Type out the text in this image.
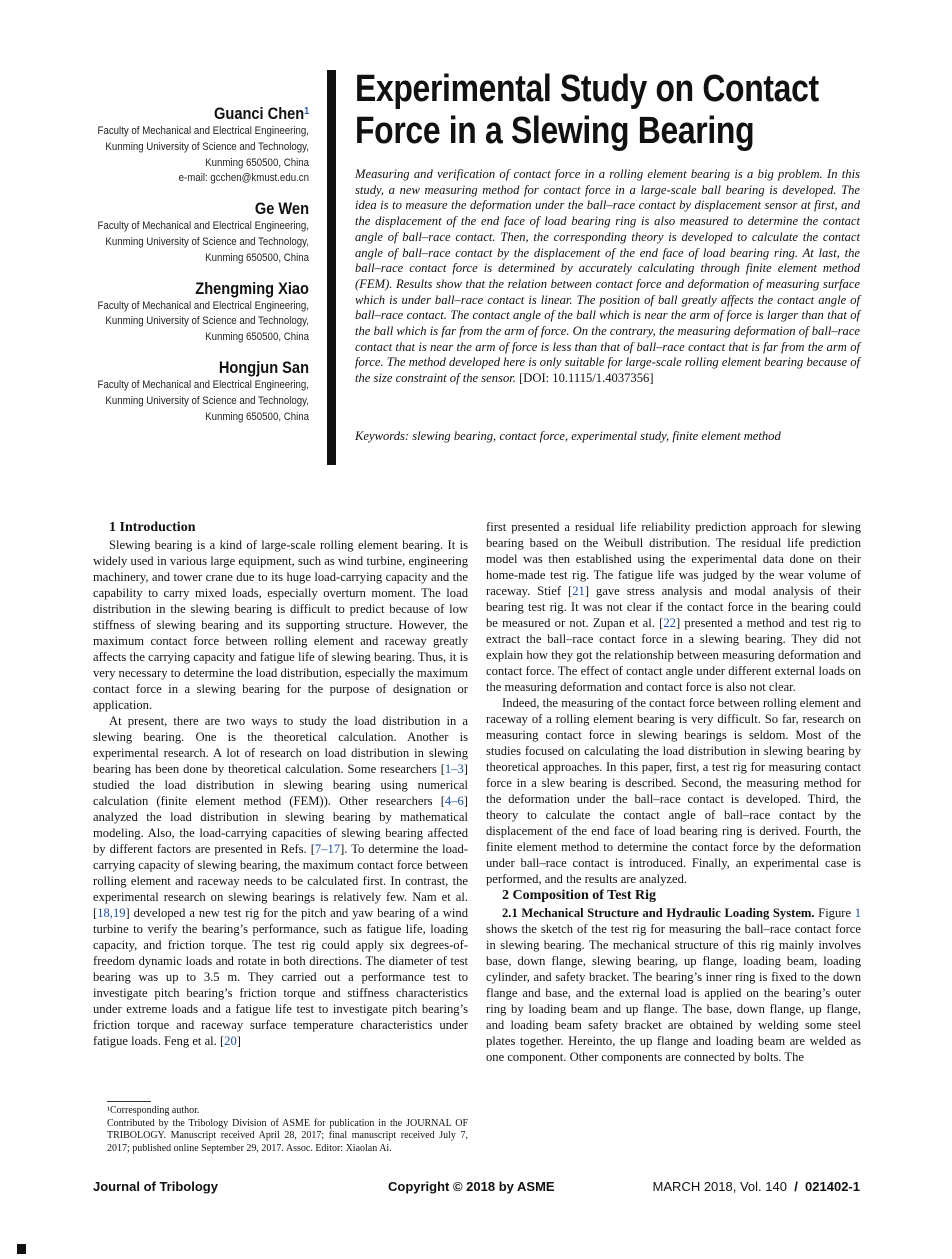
Guanci Chen$^1$
Faculty of Mechanical and Electrical Engineering,
Kunming University of Science and Technology,
Kunming 650500, China
e-mail: gcchen@kmust.edu.cn
Ge Wen
Faculty of Mechanical and Electrical Engineering,
Kunming University of Science and Technology,
Kunming 650500, China
Zhengming Xiao
Faculty of Mechanical and Electrical Engineering,
Kunming University of Science and Technology,
Kunming 650500, China
Hongjun San
Faculty of Mechanical and Electrical Engineering,
Kunming University of Science and Technology,
Kunming 650500, China
Experimental Study on Contact
Force in a Slewing Bearing
Measuring and verification of contact force in a rolling element bearing is a big problem. In this study, a new measuring method for contact force in a large-scale ball bearing is developed. The idea is to measure the deformation under the ball–race contact by displacement sensor at first, and the displacement of the end face of load bearing ring is also measured to determine the contact angle of ball–race contact. Then, the corresponding theory is developed to calculate the contact angle of ball–race contact by the displacement of the end face of load bearing ring. At last, the ball–race contact force is determined by accurately calculating through finite element method (FEM). Results show that the relation between contact force and deformation of measuring surface which is under ball–race contact is linear. The position of ball greatly affects the contact angle of ball–race contact. The contact angle of the ball which is near the arm of force is larger than that of the ball which is far from the arm of force. On the contrary, the measuring deformation of ball–race contact that is near the arm of force is less than that of ball–race contact that is far from the arm of force. The method developed here is only suitable for large-scale rolling element bearing because of the size constraint of the sensor. [DOI: 10.1115/1.4037356]
Keywords: slewing bearing, contact force, experimental study, finite element method

1 Introduction

Slewing bearing is a kind of large-scale rolling element bearing. It is widely used in various large equipment, such as wind turbine, engineering machinery, and tower crane due to its huge load-carrying capacity and the capability to carry mixed loads, especially overturn moment. The load distribution in the slewing bearing is difficult to predict because of low stiffness of slewing bearing and its supporting structure. However, the maximum contact force between rolling element and raceway greatly affects the carrying capacity and fatigue life of slewing bearing. Thus, it is very necessary to determine the load distribution, especially the maximum contact force in a slewing bearing for the purpose of designation or application.

At present, there are two ways to study the load distribution in a slewing bearing. One is the theoretical calculation. Another is experimental research. A lot of research on load distribution in slewing bearing has been done by theoretical calculation. Some researchers [1–3] studied the load distribution in slewing bearing using numerical calculation (finite element method (FEM)). Other researchers [4–6] analyzed the load distribution in slewing bearing by mathematical modeling. Also, the load-carrying capacities of slewing bearing affected by different factors are presented in Refs. [7–17]. To determine the load-carrying capacity of slewing bearing, the maximum contact force between rolling element and raceway needs to be calculated first. In contrast, the experimental research on slewing bearings is relatively few. Nam et al. [18,19] developed a new test rig for the pitch and yaw bearing of a wind turbine to verify the bearing’s performance, such as fatigue life, loading capacity, and friction torque. The test rig could apply six degrees-of-freedom dynamic loads and rotate in both directions. The diameter of test bearing was up to 3.5 m. They carried out a performance test to investigate pitch bearing’s friction torque and stiffness characteristics under extreme loads and a fatigue life test to investigate pitch bearing’s friction torque and raceway surface temperature characteristics under fatigue loads. Feng et al. [20]

first presented a residual life reliability prediction approach for slewing bearing based on the Weibull distribution. The residual life prediction model was then established using the experimental data done on their home-made test rig. The fatigue life was judged by the wear volume of raceway. Stief [21] gave stress analysis and modal analysis of their bearing test rig. It was not clear if the contact force in the bearing could be measured or not. Zupan et al. [22] presented a method and test rig to extract the ball–race contact force in a slewing bearing. They did not explain how they got the relationship between measuring deformation and contact force. The effect of contact angle under different external loads on the measuring deformation and contact force is also not clear.

Indeed, the measuring of the contact force between rolling element and raceway of a rolling element bearing is very difficult. So far, research on measuring contact force in slewing bearings is seldom. Most of the studies focused on calculating the load distribution in slewing bearing by theoretical approaches. In this paper, first, a test rig for measuring contact force in a slew bearing is described. Second, the measuring method for the deformation under the ball–race contact is developed. Third, the theory to calculate the contact angle of ball–race contact by the displacement of the end face of load bearing ring is derived. Fourth, the finite element method to determine the contact force by the deformation under ball–race contact is introduced. Finally, an experimental case is performed, and the results are analyzed.

2 Composition of Test Rig

2.1 Mechanical Structure and Hydraulic Loading System. Figure 1 shows the sketch of the test rig for measuring the ball–race contact force in slewing bearing. The mechanical structure of this rig mainly involves base, down flange, slewing bearing, up flange, loading beam, loading cylinder, and safety bracket. The bearing’s inner ring is fixed to the down flange and base, and the external load is applied on the bearing’s outer ring by loading beam and up flange. The base, down flange, up flange, and loading beam safety bracket are obtained by welding some steel plates together. Hereinto, the up flange and loading beam are welded as one component. Other components are connected by bolts. The

¹Corresponding author.

Contributed by the Tribology Division of ASME for publication in the JOURNAL OF TRIBOLOGY. Manuscript received April 28, 2017; final manuscript received July 7, 2017; published online September 29, 2017. Assoc. Editor: Xiaolan Ai.

Journal of Tribology	Copyright © 2018 by ASME	MARCH 2018, Vol. 140 / 021402-1
